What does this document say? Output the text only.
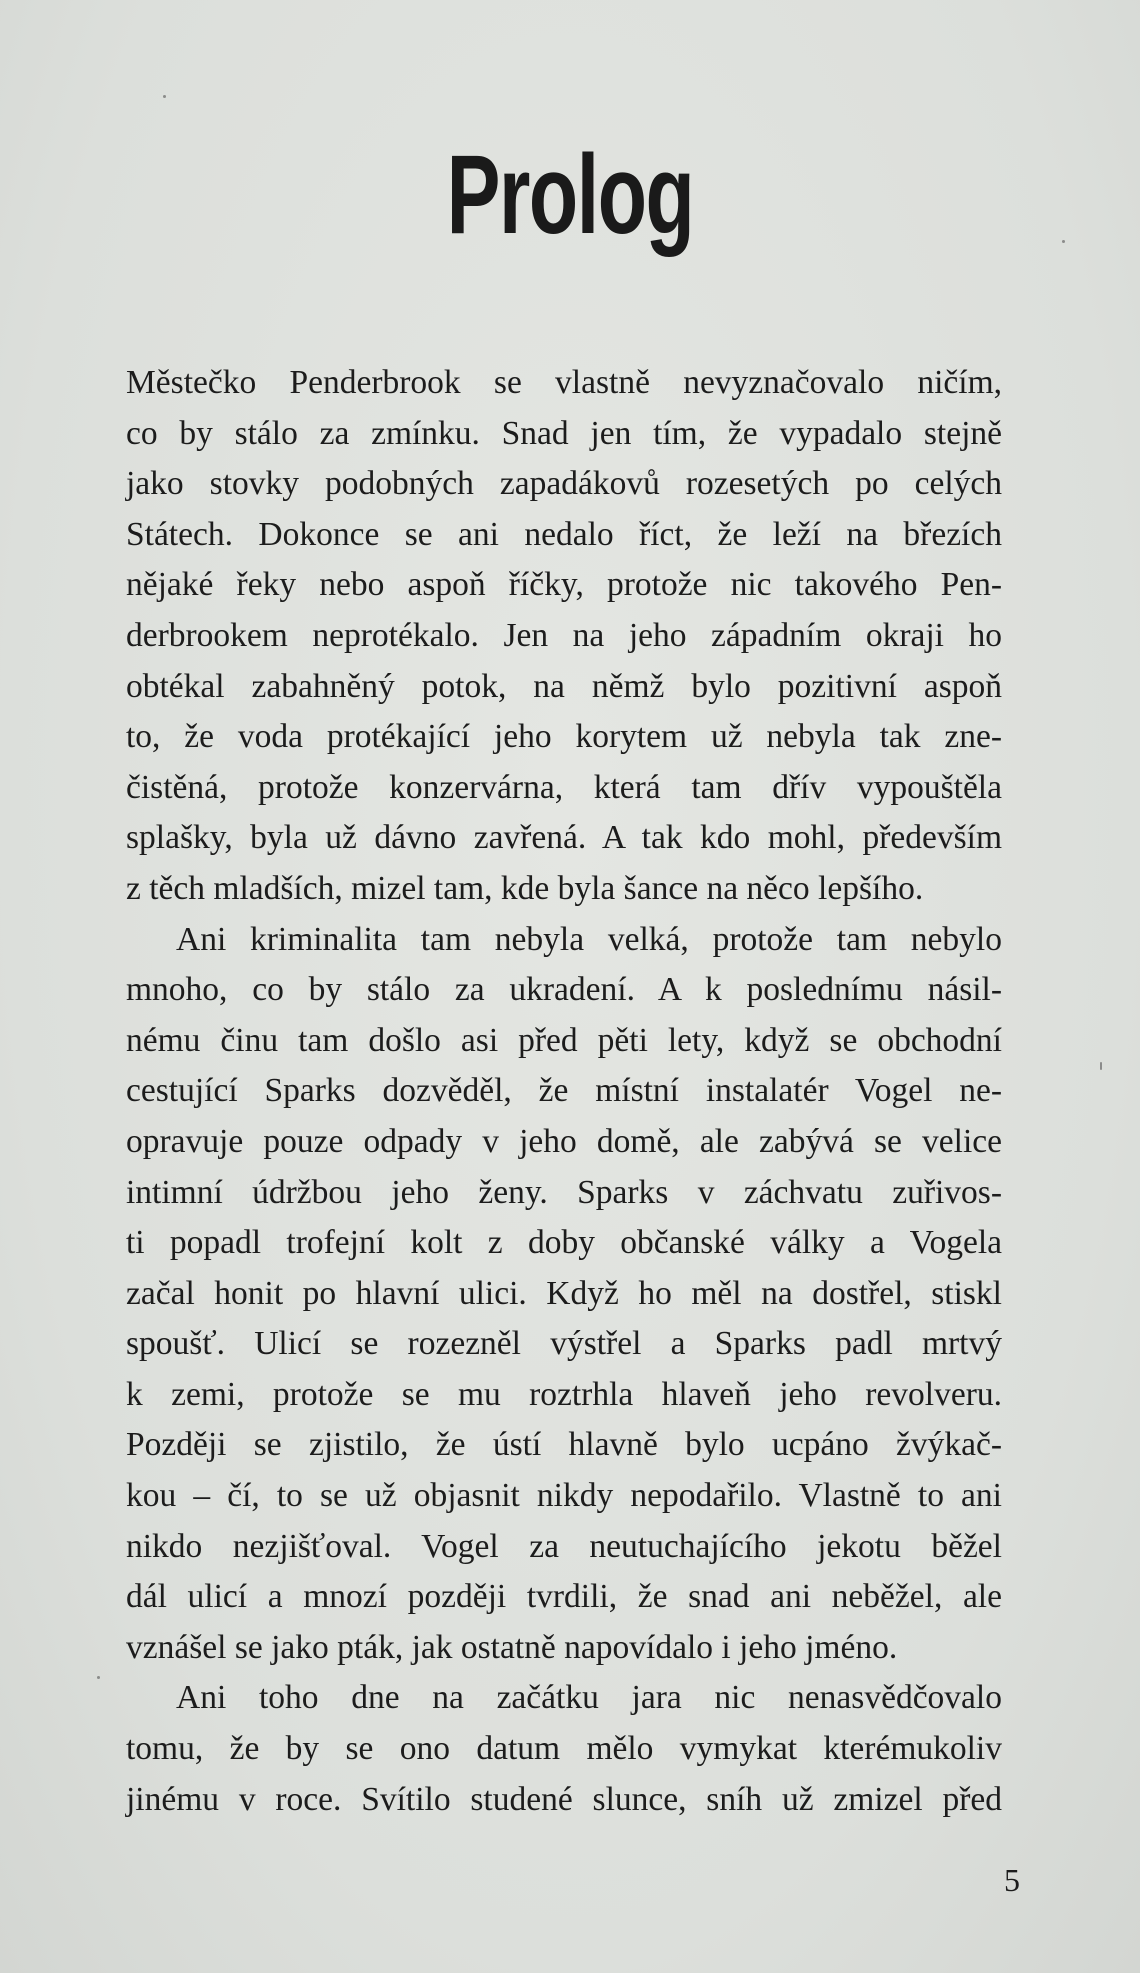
Prolog
Městečko Penderbrook se vlastně nevyznačovalo ničím,
co by stálo za zmínku. Snad jen tím, že vypadalo stejně
jako stovky podobných zapadákovů rozesetých po celých
Státech. Dokonce se ani nedalo říct, že leží na březích
nějaké řeky nebo aspoň říčky, protože nic takového Pen-
derbrookem neprotékalo. Jen na jeho západním okraji ho
obtékal zabahněný potok, na němž bylo pozitivní aspoň
to, že voda protékající jeho korytem už nebyla tak zne-
čistěná, protože konzervárna, která tam dřív vypouštěla
splašky, byla už dávno zavřená. A tak kdo mohl, především
z těch mladších, mizel tam, kde byla šance na něco lepšího.
Ani kriminalita tam nebyla velká, protože tam nebylo
mnoho, co by stálo za ukradení. A k poslednímu násil-
nému činu tam došlo asi před pěti lety, když se obchodní
cestující Sparks dozvěděl, že místní instalatér Vogel ne-
opravuje pouze odpady v jeho domě, ale zabývá se velice
intimní údržbou jeho ženy. Sparks v záchvatu zuřivos-
ti popadl trofejní kolt z doby občanské války a Vogela
začal honit po hlavní ulici. Když ho měl na dostřel, stiskl
spoušť. Ulicí se rozezněl výstřel a Sparks padl mrtvý
k zemi, protože se mu roztrhla hlaveň jeho revolveru.
Později se zjistilo, že ústí hlavně bylo ucpáno žvýkač-
kou – čí, to se už objasnit nikdy nepodařilo. Vlastně to ani
nikdo nezjišťoval. Vogel za neutuchajícího jekotu běžel
dál ulicí a mnozí později tvrdili, že snad ani neběžel, ale
vznášel se jako pták, jak ostatně napovídalo i jeho jméno.
Ani toho dne na začátku jara nic nenasvědčovalo
tomu, že by se ono datum mělo vymykat kterémukoliv
jinému v roce. Svítilo studené slunce, sníh už zmizel před
5
